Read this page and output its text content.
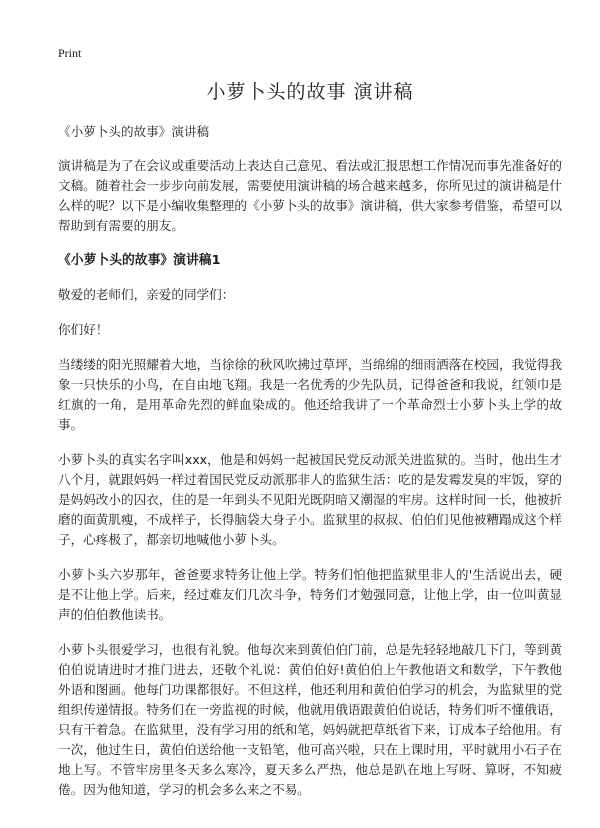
Print
小萝卜头的故事 演讲稿

《小萝卜头的故事》演讲稿

演讲稿是为了在会议或重要活动上表达自己意见、看法或汇报思想工作情况而事先准备好的文稿。随着社会一步步向前发展，需要使用演讲稿的场合越来越多，你所见过的演讲稿是什么样的呢？以下是小编收集整理的《小萝卜头的故事》演讲稿，供大家参考借鉴，希望可以帮助到有需要的朋友。

《小萝卜头的故事》演讲稿1

敬爱的老师们，亲爱的同学们：

你们好！

当缕缕的阳光照耀着大地，当徐徐的秋风吹拂过草坪，当绵绵的细雨洒落在校园，我觉得我象一只快乐的小鸟，在自由地飞翔。我是一名优秀的少先队员，记得爸爸和我说，红领巾是红旗的一角，是用革命先烈的鲜血染成的。他还给我讲了一个革命烈士小萝卜头上学的故事。

小萝卜头的真实名字叫xxx，他是和妈妈一起被国民党反动派关进监狱的。当时，他出生才八个月，就跟妈妈一样过着国民党反动派那非人的监狱生活：吃的是发霉发臭的牢饭，穿的是妈妈改小的囚衣，住的是一年到头不见阳光既阴暗又潮湿的牢房。这样时间一长，他被折磨的面黄肌瘦，不成样子，长得脑袋大身子小。监狱里的叔叔、伯伯们见他被糟蹋成这个样子，心疼极了，都亲切地喊他小萝卜头。

小萝卜头六岁那年，爸爸要求特务让他上学。特务们怕他把监狱里非人的'生活说出去，硬是不让他上学。后来，经过难友们几次斗争，特务们才勉强同意，让他上学，由一位叫黄显声的伯伯教他读书。

小萝卜头很爱学习，也很有礼貌。他每次来到黄伯伯门前，总是先轻轻地敲几下门，等到黄伯伯说请进时才推门进去，还敬个礼说：黄伯伯好!黄伯伯上午教他语文和数学，下午教他外语和图画。他每门功课都很好。不但这样，他还利用和黄伯伯学习的机会，为监狱里的党组织传递情报。特务们在一旁监视的时候，他就用俄语跟黄伯伯说话，特务们听不懂俄语，只有干着急。在监狱里，没有学习用的纸和笔，妈妈就把草纸省下来，订成本子给他用。有一次，他过生日，黄伯伯送给他一支铅笔，他可高兴啦，只在上课时用，平时就用小石子在地上写。不管牢房里冬天多么寒冷，夏天多么严热，他总是趴在地上写呀、算呀，不知疲倦。因为他知道，学习的机会多么来之不易。
